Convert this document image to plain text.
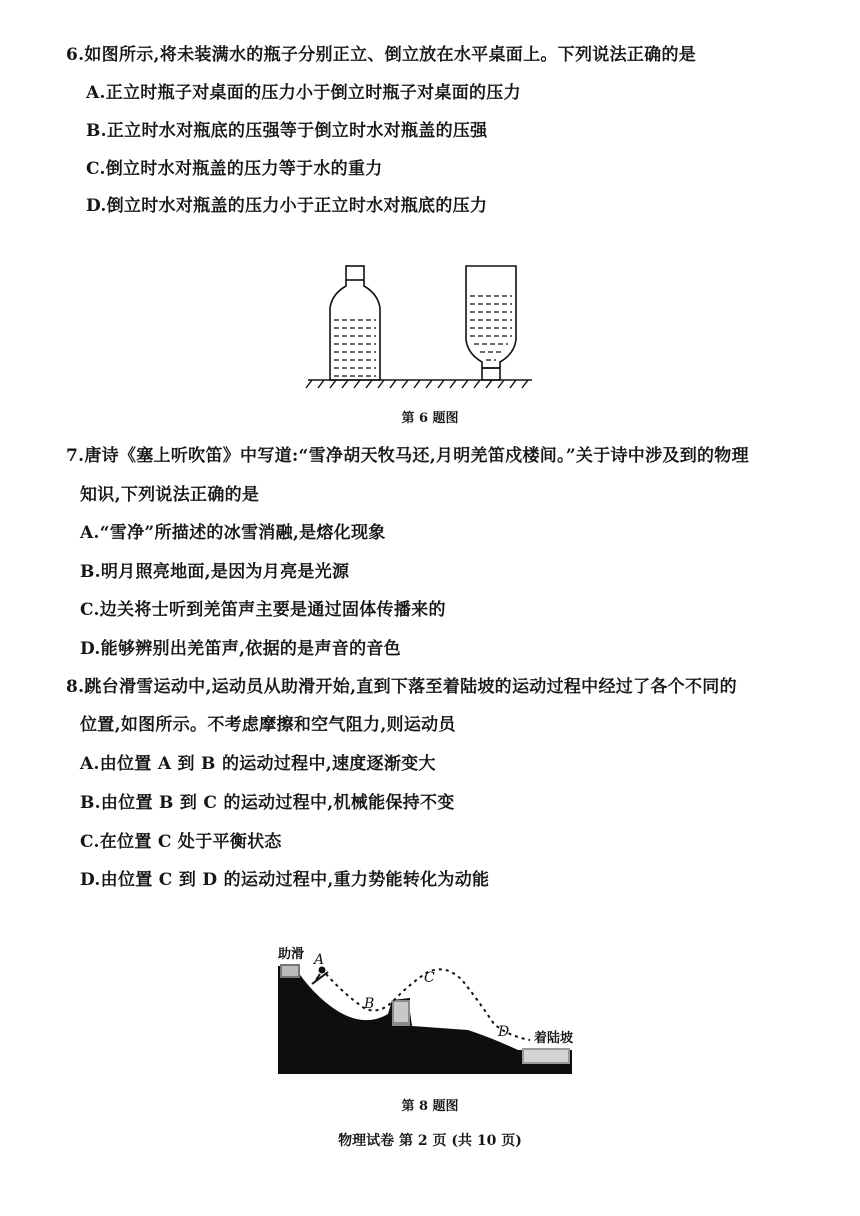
6.如图所示,将未装满水的瓶子分别正立、倒立放在水平桌面上。下列说法正确的是
A.正立时瓶子对桌面的压力小于倒立时瓶子对桌面的压力
B.正立时水对瓶底的压强等于倒立时水对瓶盖的压强
C.倒立时水对瓶盖的压力等于水的重力
D.倒立时水对瓶盖的压力小于正立时水对瓶底的压力
第 6 题图
7.唐诗《塞上听吹笛》中写道:“雪净胡天牧马还,月明羌笛戍楼间。”关于诗中涉及到的物理
知识,下列说法正确的是
A.“雪净”所描述的冰雪消融,是熔化现象
B.明月照亮地面,是因为月亮是光源
C.边关将士听到羌笛声主要是通过固体传播来的
D.能够辨别出羌笛声,依据的是声音的音色
8.跳台滑雪运动中,运动员从助滑开始,直到下落至着陆坡的运动过程中经过了各个不同的
位置,如图所示。不考虑摩擦和空气阻力,则运动员
A.由位置 A 到 B 的运动过程中,速度逐渐变大
B.由位置 B 到 C 的运动过程中,机械能保持不变
C.在位置 C 处于平衡状态
D.由位置 C 到 D 的运动过程中,重力势能转化为动能
助滑
着陆坡
A
B
C
D
第 8 题图
物理试卷 第 2 页 (共 10 页)
